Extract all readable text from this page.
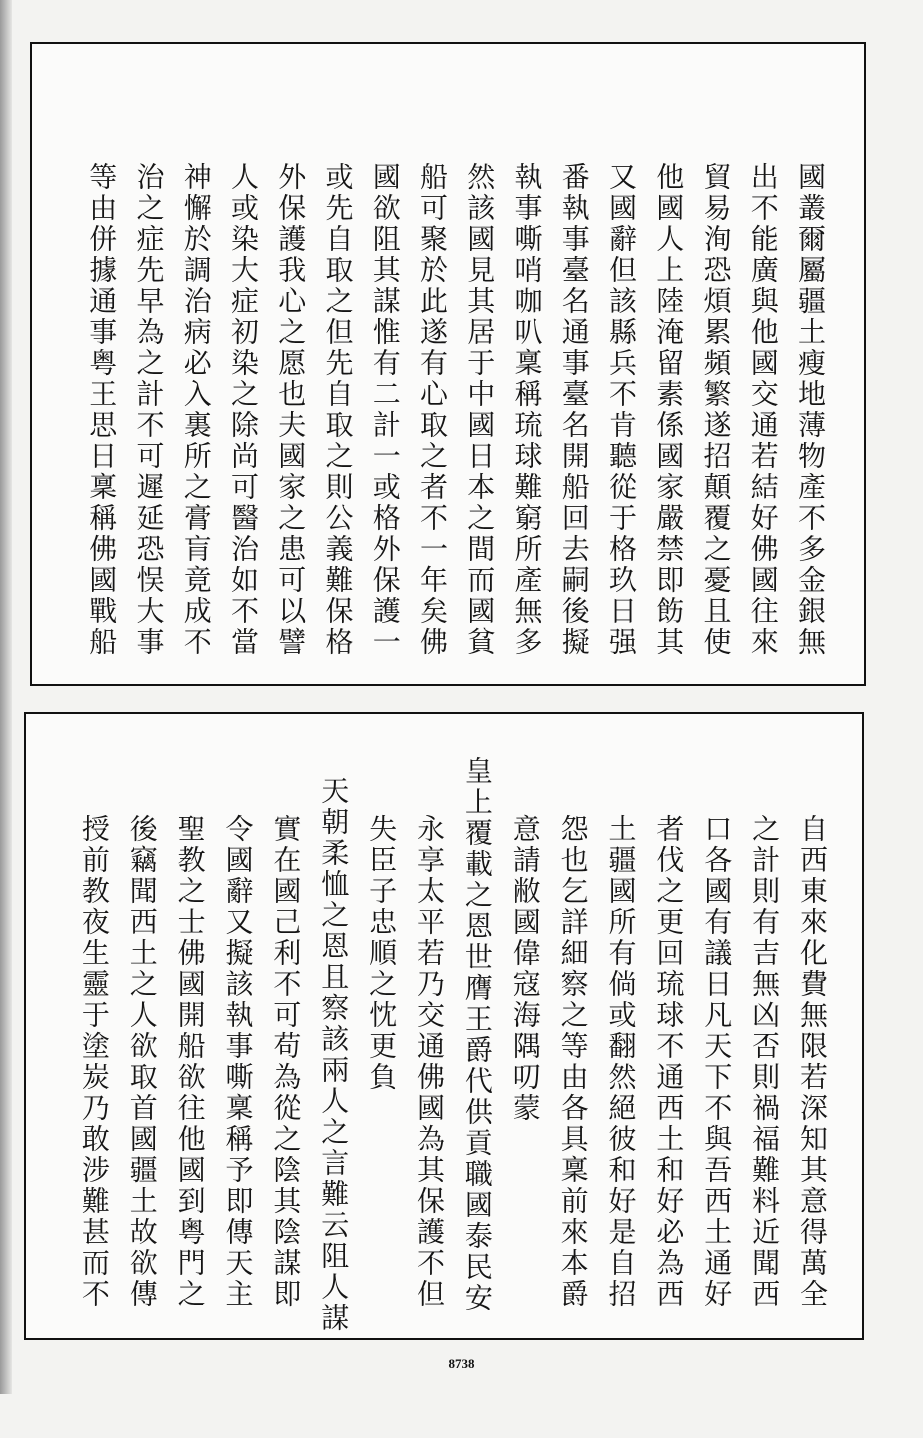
國叢爾屬疆土瘦地薄物產不多金銀無
出不能廣與他國交通若結好佛國往來
貿易洵恐煩累頻繁遂招顛覆之憂且使
他國人上陸淹留素係國家嚴禁即飭其
又國辭但該縣兵不肯聽從于格玖日强
番執事臺名通事臺名開船回去嗣後擬
執事嘶哨咖叭稟稱琉球難窮所產無多
然該國見其居于中國日本之間而國貧
船可聚於此遂有心取之者不一年矣佛
國欲阻其謀惟有二計一或格外保護一
或先自取之但先自取之則公義難保格
外保護我心之愿也夫國家之患可以譬
人或染大症初染之除尚可醫治如不當
神懈於調治病必入裏所之膏肓竟成不
治之症先早為之計不可遲延恐悮大事
等由併據通事粤王思日稟稱佛國戰船
自西東來化費無限若深知其意得萬全
之計則有吉無凶否則禍福難料近聞西
口各國有議日凡天下不與吾西土通好
者伐之更回琉球不通西土和好必為西
土疆國所有倘或翻然絕彼和好是自招
怨也乞詳細察之等由各具稟前來本爵
意請敝國偉寇海隅叨蒙
皇上覆載之恩世膺王爵代供貢職國泰民安
永享太平若乃交通佛國為其保護不但
失臣子忠順之忱更負
天朝柔恤之恩且察該兩人之言難云阻人謀
實在國己利不可苟為從之陰其陰謀即
令國辭又擬該執事嘶稟稱予即傳天主
聖教之士佛國開船欲往他國到粤門之
後竊聞西土之人欲取首國疆土故欲傳
授前教夜生靈于塗炭乃敢涉難甚而不
8738
